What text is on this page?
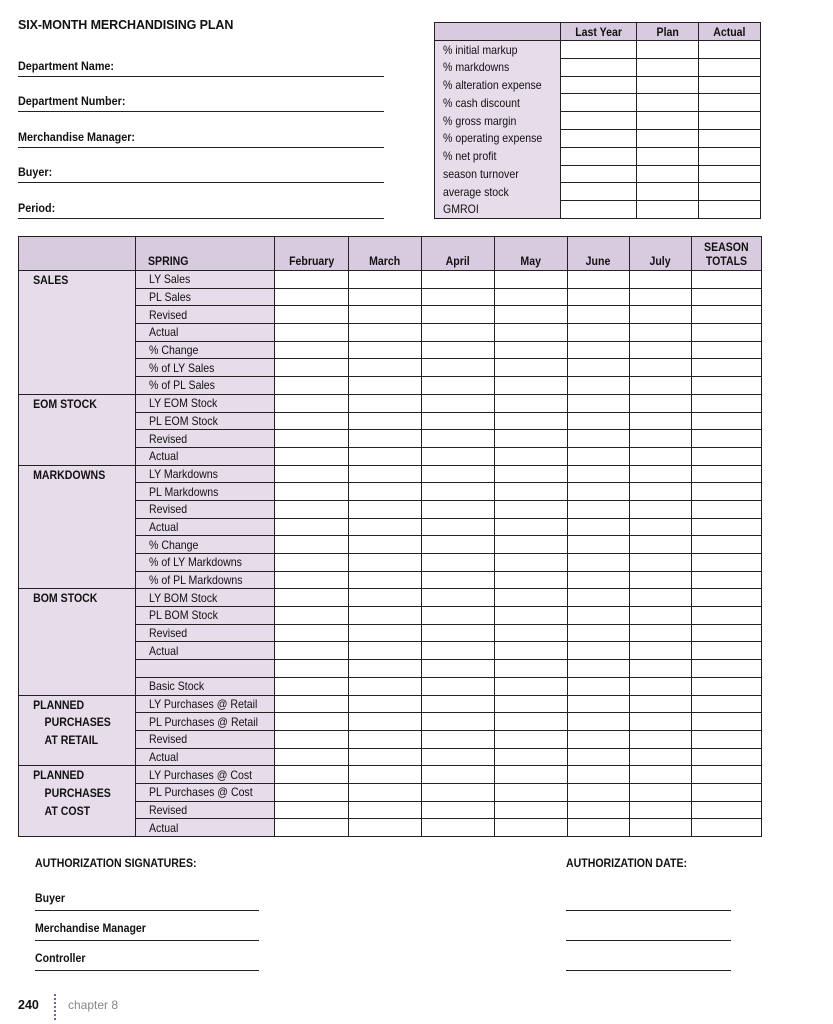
SIX-MONTH MERCHANDISING PLAN
Department Name:
Department Number:
Merchandise Manager:
Buyer:
Period:
	Last Year	Plan	Actual
% initial markup			
% markdowns			
% alteration expense			
% cash discount			
% gross margin			
% operating expense			
% net profit			
season turnover			
average stock			
GMROI			
	SPRING	February	March	April	May	June	July	SEASON
TOTALS

SALES	LY Sales							
	PL Sales							
	Revised							
	Actual							
	% Change							
	% of LY Sales							
	% of PL Sales							

EOM STOCK	LY EOM Stock							
	PL EOM Stock							
	Revised							
	Actual							

MARKDOWNS	LY Markdowns							
	PL Markdowns							
	Revised							
	Actual							
	% Change							
	% of LY Markdowns							
	% of PL Markdowns							

BOM STOCK	LY BOM Stock							
	PL BOM Stock							
	Revised							
	Actual							

	Basic Stock							

PLANNED
PURCHASES
AT RETAIL	LY Purchases @ Retail							
	PL Purchases @ Retail							
	Revised							
	Actual							

PLANNED
PURCHASES
AT COST	LY Purchases @ Cost							
	PL Purchases @ Cost							
	Revised							
	Actual							
AUTHORIZATION SIGNATURES:	AUTHORIZATION DATE:
Buyer
Merchandise Manager
Controller
240 chapter 8
